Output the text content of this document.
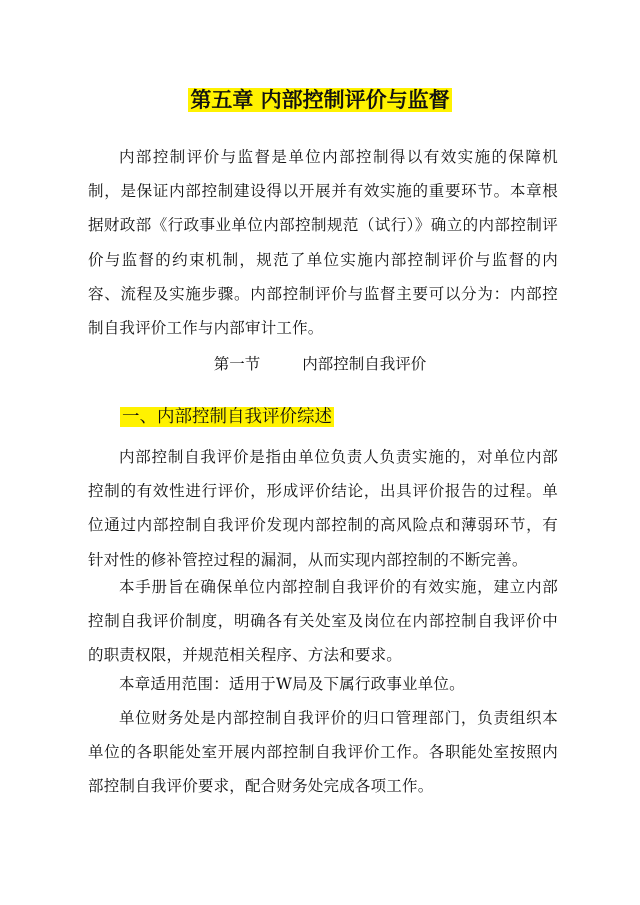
第五章 内部控制评价与监督

内部控制评价与监督是单位内部控制得以有效实施的保障机制，是保证内部控制建设得以开展并有效实施的重要环节。本章根据财政部《行政事业单位内部控制规范（试行）》确立的内部控制评价与监督的约束机制，规范了单位实施内部控制评价与监督的内容、流程及实施步骤。内部控制评价与监督主要可以分为：内部控制自我评价工作与内部审计工作。

第一节	内部控制自我评价
一、内部控制自我评价综述

内部控制自我评价是指由单位负责人负责实施的，对单位内部控制的有效性进行评价，形成评价结论，出具评价报告的过程。单位通过内部控制自我评价发现内部控制的高风险点和薄弱环节，有针对性的修补管控过程的漏洞，从而实现内部控制的不断完善。

本手册旨在确保单位内部控制自我评价的有效实施，建立内部控制自我评价制度，明确各有关处室及岗位在内部控制自我评价中的职责权限，并规范相关程序、方法和要求。

本章适用范围：适用于W局及下属行政事业单位。

单位财务处是内部控制自我评价的归口管理部门，负责组织本单位的各职能处室开展内部控制自我评价工作。各职能处室按照内部控制自我评价要求，配合财务处完成各项工作。
